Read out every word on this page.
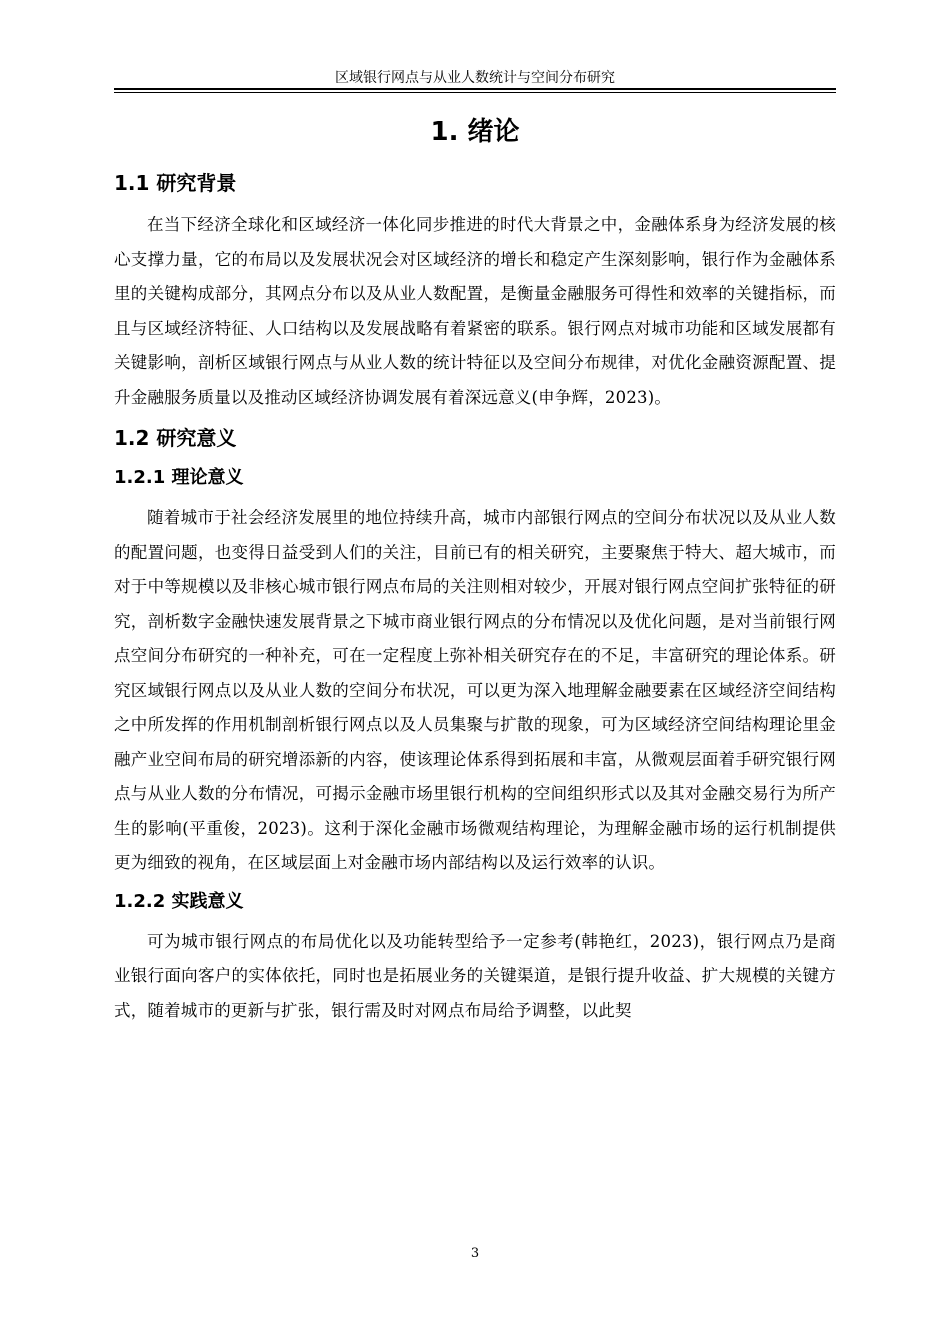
区域银行网点与从业人数统计与空间分布研究
1. 绪论
1.1 研究背景

在当下经济全球化和区域经济一体化同步推进的时代大背景之中，金融体系身为经济发展的核心支撑力量，它的布局以及发展状况会对区域经济的增长和稳定产生深刻影响，银行作为金融体系里的关键构成部分，其网点分布以及从业人数配置，是衡量金融服务可得性和效率的关键指标，而且与区域经济特征、人口结构以及发展战略有着紧密的联系。银行网点对城市功能和区域发展都有关键影响，剖析区域银行网点与从业人数的统计特征以及空间分布规律，对优化金融资源配置、提升金融服务质量以及推动区域经济协调发展有着深远意义(申争辉，2023)。

1.2 研究意义
1.2.1 理论意义

随着城市于社会经济发展里的地位持续升高，城市内部银行网点的空间分布状况以及从业人数的配置问题，也变得日益受到人们的关注，目前已有的相关研究，主要聚焦于特大、超大城市，而对于中等规模以及非核心城市银行网点布局的关注则相对较少，开展对银行网点空间扩张特征的研究，剖析数字金融快速发展背景之下城市商业银行网点的分布情况以及优化问题，是对当前银行网点空间分布研究的一种补充，可在一定程度上弥补相关研究存在的不足，丰富研究的理论体系。研究区域银行网点以及从业人数的空间分布状况，可以更为深入地理解金融要素在区域经济空间结构之中所发挥的作用机制剖析银行网点以及人员集聚与扩散的现象，可为区域经济空间结构理论里金融产业空间布局的研究增添新的内容，使该理论体系得到拓展和丰富，从微观层面着手研究银行网点与从业人数的分布情况，可揭示金融市场里银行机构的空间组织形式以及其对金融交易行为所产生的影响(平重俊，2023)。这利于深化金融市场微观结构理论，为理解金融市场的运行机制提供更为细致的视角，在区域层面上对金融市场内部结构以及运行效率的认识。

1.2.2 实践意义

可为城市银行网点的布局优化以及功能转型给予一定参考(韩艳红，2023)，银行网点乃是商业银行面向客户的实体依托，同时也是拓展业务的关键渠道，是银行提升收益、扩大规模的关键方式，随着城市的更新与扩张，银行需及时对网点布局给予调整，以此契

3
